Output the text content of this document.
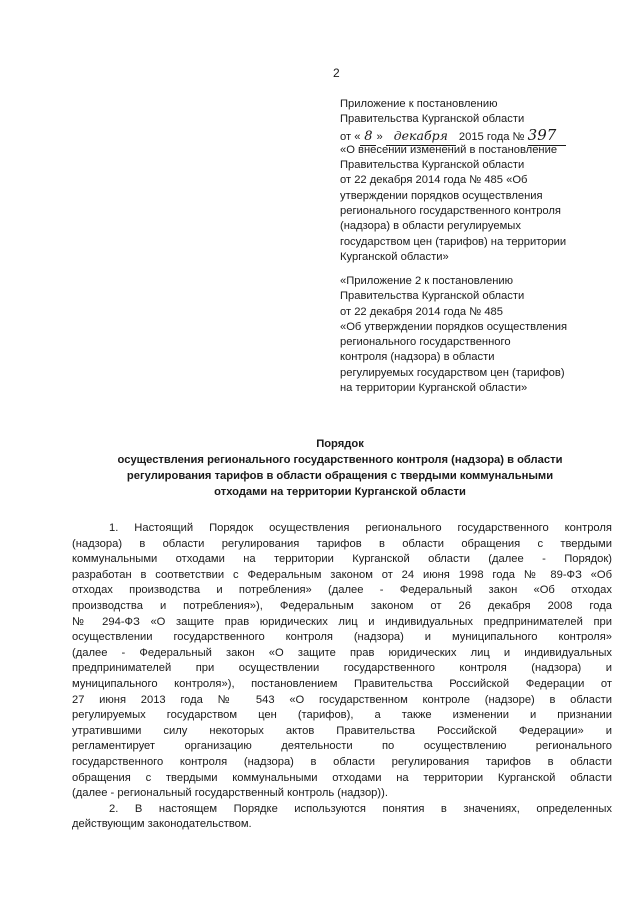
2
Приложение к постановлению
Правительства Курганской области
от « 8 » декабря 2015 года № 397
«О внесении изменений в постановление
Правительства Курганской области
от 22 декабря 2014 года № 485 «Об
утверждении порядков осуществления
регионального государственного контроля
(надзора) в области регулируемых
государством цен (тарифов) на территории
Курганской области»
«Приложение 2 к постановлению
Правительства Курганской области
от 22 декабря 2014 года № 485
«Об утверждении порядков осуществления
регионального государственного
контроля (надзора) в области
регулируемых государством цен (тарифов)
на территории Курганской области»
Порядок
осуществления регионального государственного контроля (надзора) в области
регулирования тарифов в области обращения с твердыми коммунальными
отходами на территории Курганской области

1. Настоящий Порядок осуществления регионального государственного контроля

(надзора) в области регулирования тарифов в области обращения с твердыми

коммунальными отходами на территории Курганской области (далее - Порядок)

разработан в соответствии с Федеральным законом от 24 июня 1998 года № 89-ФЗ «Об

отходах производства и потребления» (далее - Федеральный закон «Об отходах

производства и потребления»), Федеральным законом от 26 декабря 2008 года

№ 294-ФЗ «О защите прав юридических лиц и индивидуальных предпринимателей при

осуществлении государственного контроля (надзора) и муниципального контроля»

(далее - Федеральный закон «О защите прав юридических лиц и индивидуальных

предпринимателей при осуществлении государственного контроля (надзора) и

муниципального контроля»), постановлением Правительства Российской Федерации от

27 июня 2013 года № 543 «О государственном контроле (надзоре) в области

регулируемых государством цен (тарифов), а также изменении и признании

утратившими силу некоторых актов Правительства Российской Федерации» и

регламентирует организацию деятельности по осуществлению регионального

государственного контроля (надзора) в области регулирования тарифов в области

обращения с твердыми коммунальными отходами на территории Курганской области

(далее - региональный государственный контроль (надзор)).

2. В настоящем Порядке используются понятия в значениях, определенных

действующим законодательством.
